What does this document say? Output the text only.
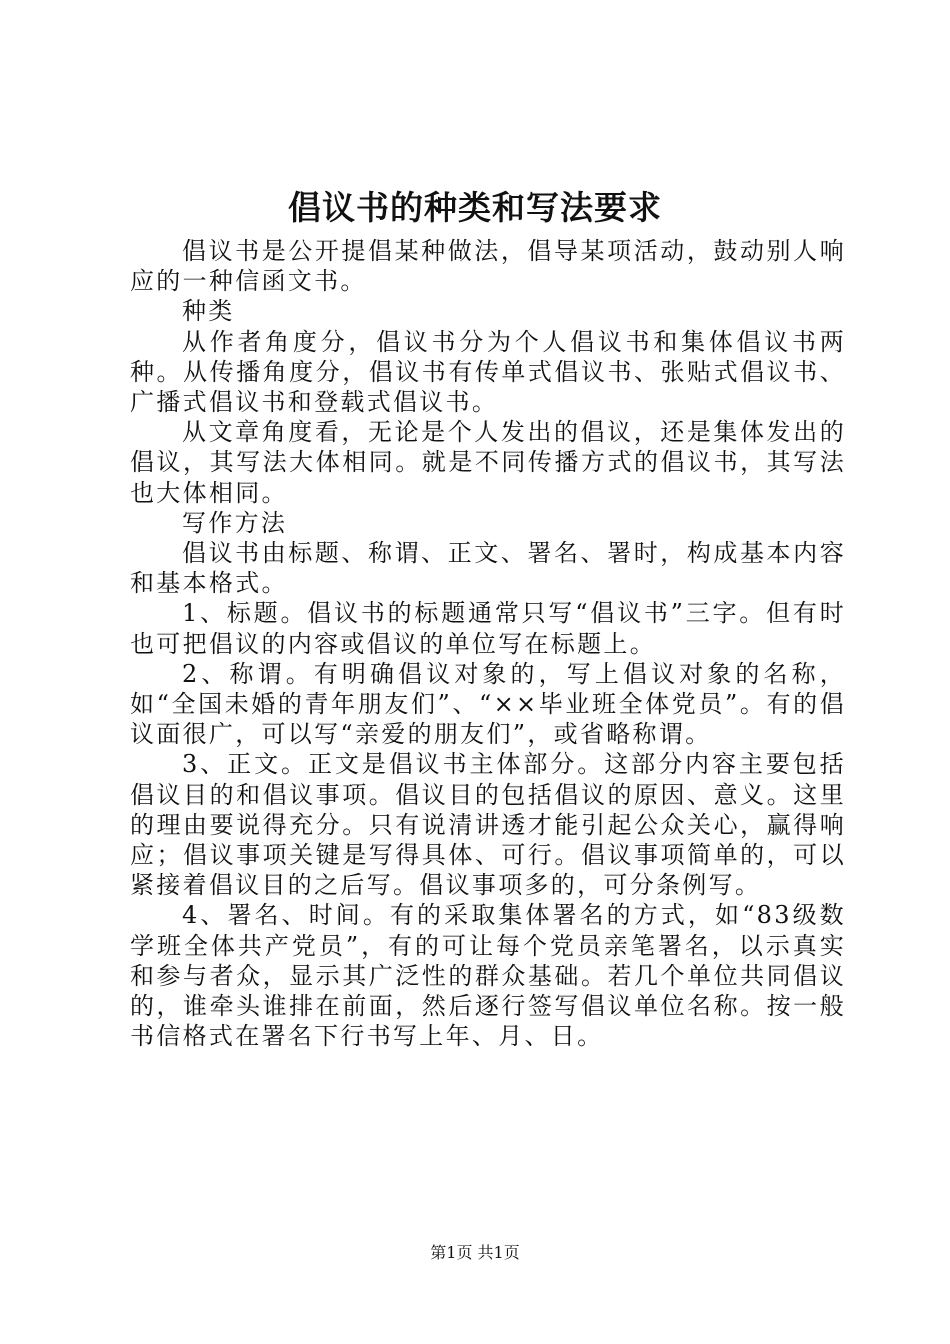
倡议书的种类和写法要求

倡议书是公开提倡某种做法，倡导某项活动，鼓动别人响应的一种信函文书。

种类

从作者角度分，倡议书分为个人倡议书和集体倡议书两种。从传播角度分，倡议书有传单式倡议书、张贴式倡议书、广播式倡议书和登载式倡议书。

从文章角度看，无论是个人发出的倡议，还是集体发出的倡议，其写法大体相同。就是不同传播方式的倡议书，其写法也大体相同。

写作方法

倡议书由标题、称谓、正文、署名、署时，构成基本内容和基本格式。

1、标题。倡议书的标题通常只写“倡议书”三字。但有时也可把倡议的内容或倡议的单位写在标题上。

2、称谓。有明确倡议对象的，写上倡议对象的名称，如“全国未婚的青年朋友们”、“××毕业班全体党员”。有的倡议面很广，可以写“亲爱的朋友们”，或省略称谓。

3、正文。正文是倡议书主体部分。这部分内容主要包括倡议目的和倡议事项。倡议目的包括倡议的原因、意义。这里的理由要说得充分。只有说清讲透才能引起公众关心，赢得响应；倡议事项关键是写得具体、可行。倡议事项简单的，可以紧接着倡议目的之后写。倡议事项多的，可分条例写。

4、署名、时间。有的采取集体署名的方式，如“83级数学班全体共产党员”，有的可让每个党员亲笔署名，以示真实和参与者众，显示其广泛性的群众基础。若几个单位共同倡议的，谁牵头谁排在前面，然后逐行签写倡议单位名称。按一般书信格式在署名下行书写上年、月、日。

第1页 共1页
